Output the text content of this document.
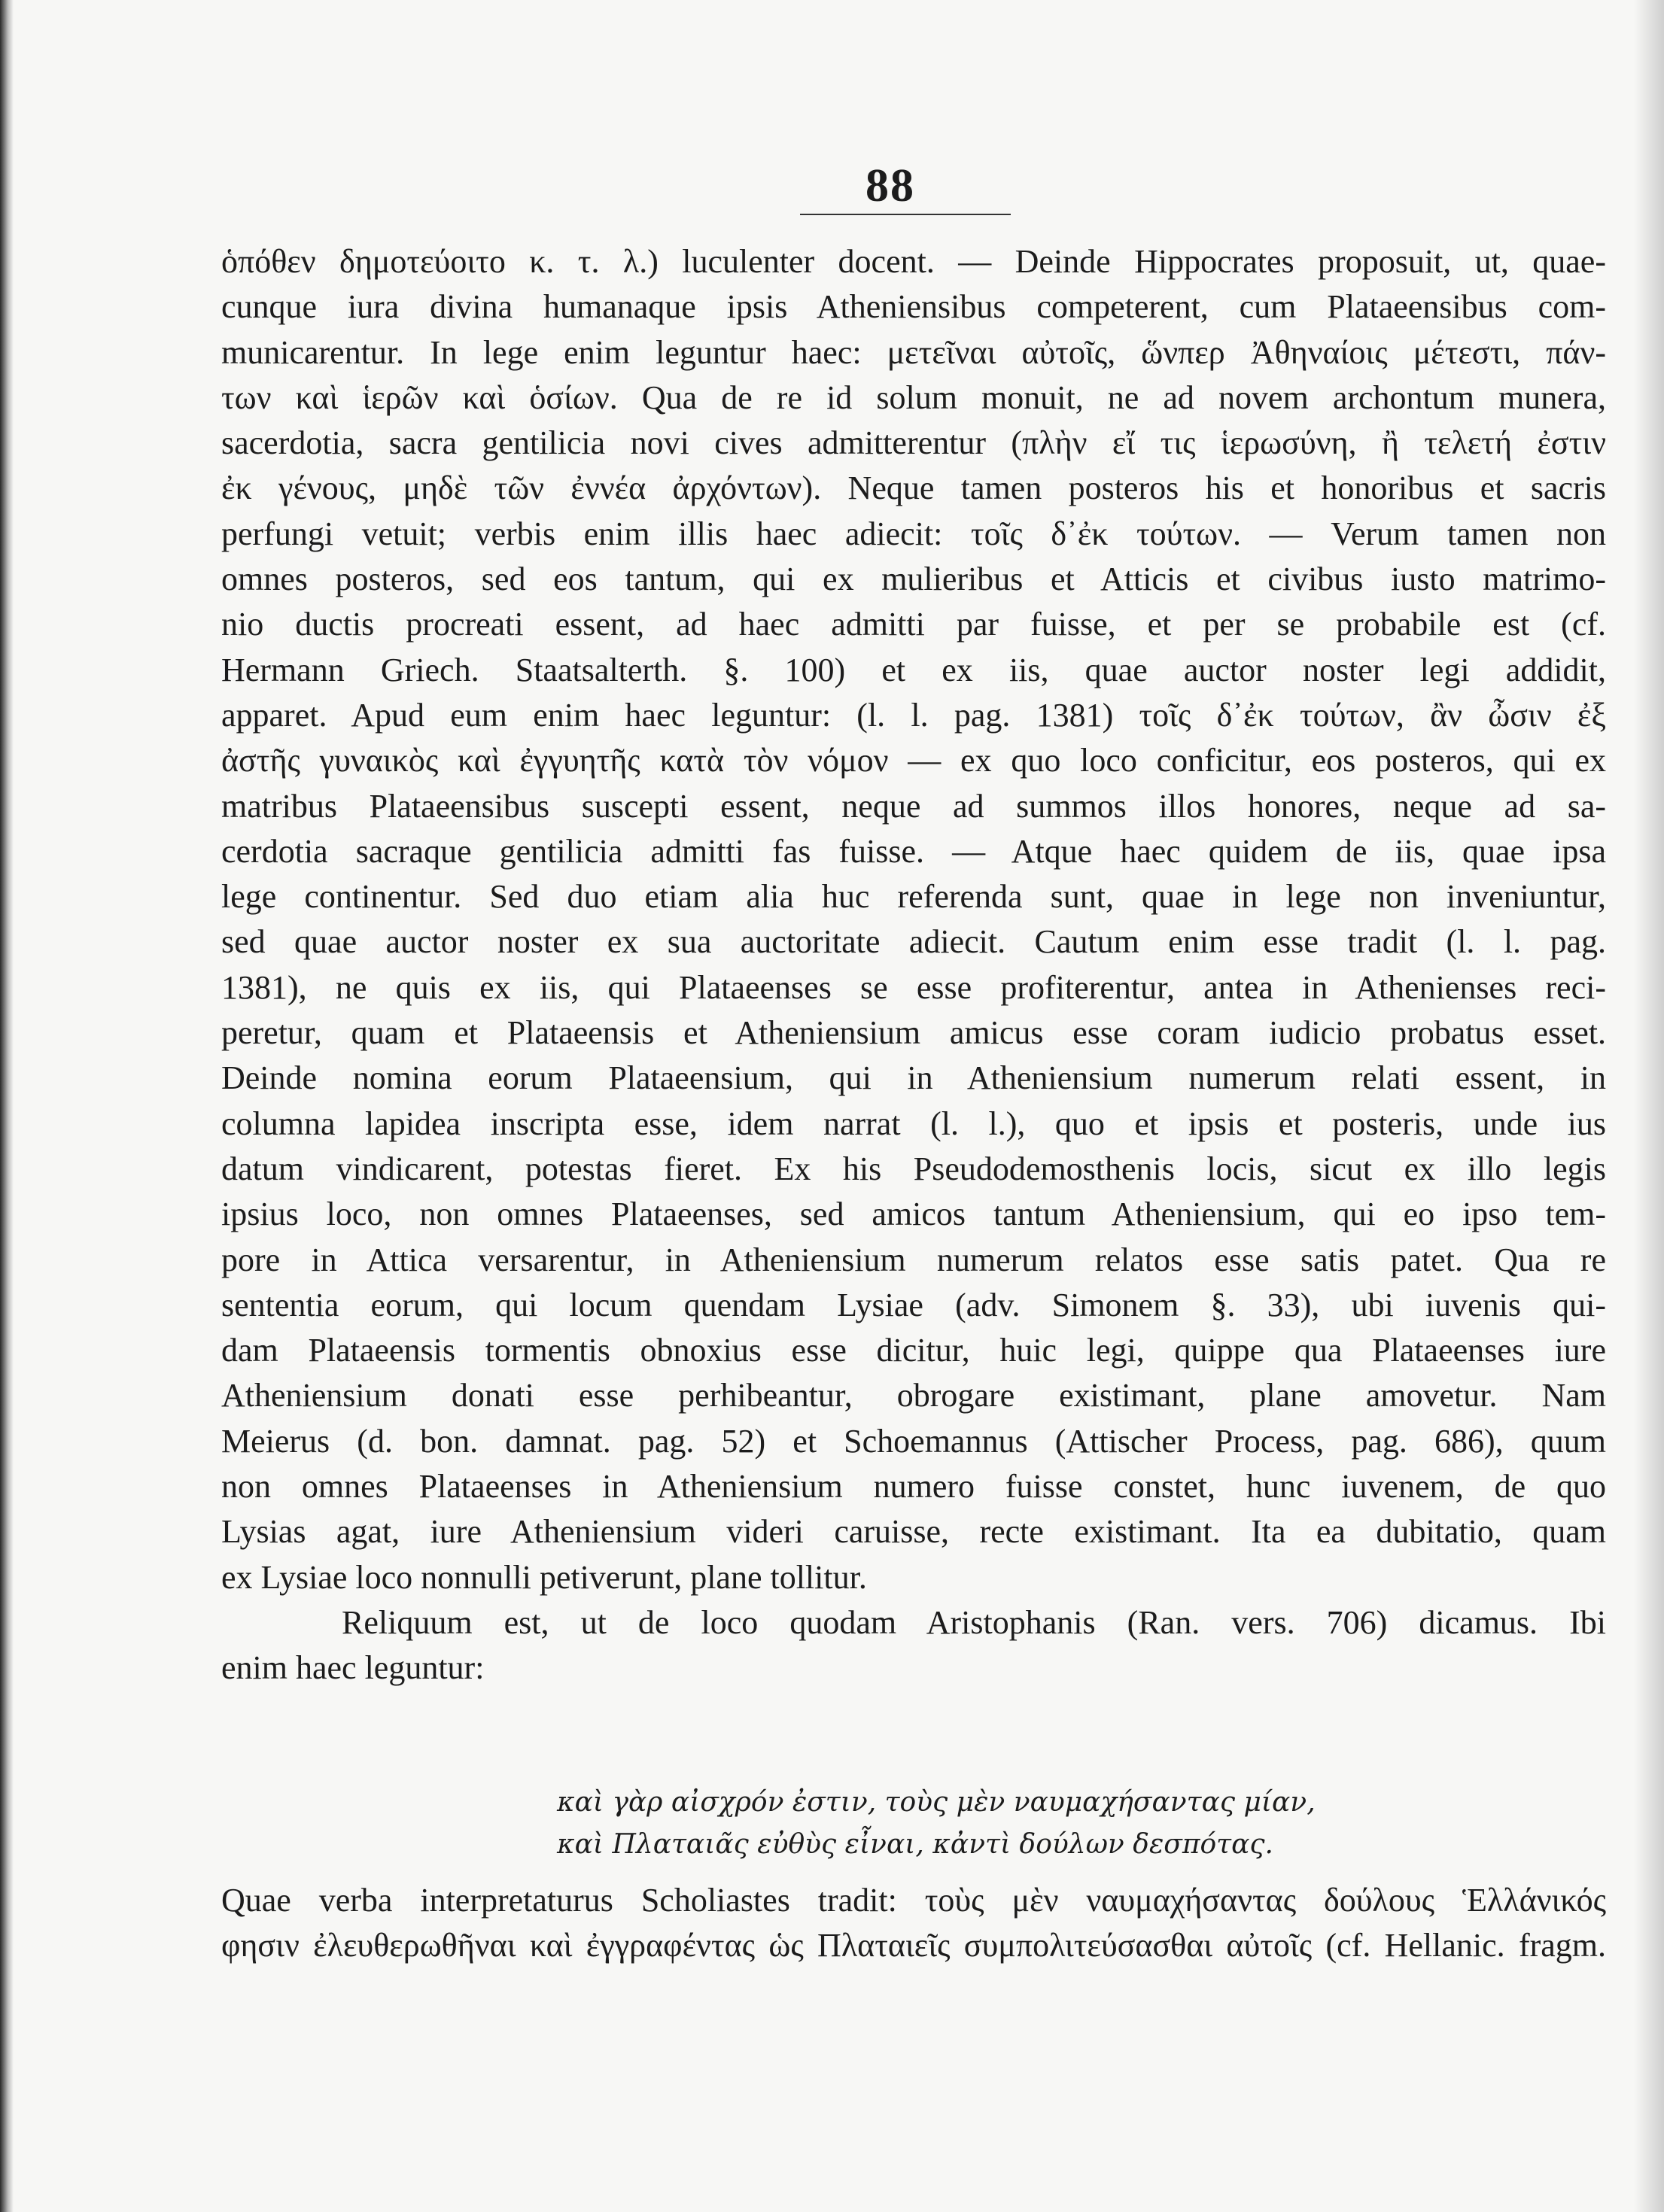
88
ὁπόθεν δημοτεύοιτο κ. τ. λ.) luculenter docent. — Deinde Hippocrates proposuit, ut, quae-
cunque iura divina humanaque ipsis Atheniensibus competerent, cum Plataeensibus com-
municarentur. In lege enim leguntur haec: μετεῖναι αὐτοῖς, ὥνπερ Ἀθηναίοις μέτεστι, πάν-
των καὶ ἱερῶν καὶ ὁσίων. Qua de re id solum monuit, ne ad novem archontum munera,
sacerdotia, sacra gentilicia novi cives admitterentur (πλὴν εἴ τις ἱερωσύνη, ἢ τελετή ἐστιν
ἐκ γένους, μηδὲ τῶν ἐννέα ἀρχόντων). Neque tamen posteros his et honoribus et sacris
perfungi vetuit; verbis enim illis haec adiecit: τοῖς δ᾽ἐκ τούτων. — Verum tamen non
omnes posteros, sed eos tantum, qui ex mulieribus et Atticis et civibus iusto matrimo-
nio ductis procreati essent, ad haec admitti par fuisse, et per se probabile est (cf.
Hermann Griech. Staatsalterth. §. 100) et ex iis, quae auctor noster legi addidit,
apparet. Apud eum enim haec leguntur: (l. l. pag. 1381) τοῖς δ᾽ἐκ τούτων, ἂν ὦσιν ἐξ
ἀστῆς γυναικὸς καὶ ἐγγυητῆς κατὰ τὸν νόμον — ex quo loco conficitur, eos posteros, qui ex
matribus Plataeensibus suscepti essent, neque ad summos illos honores, neque ad sa-
cerdotia sacraque gentilicia admitti fas fuisse. — Atque haec quidem de iis, quae ipsa
lege continentur. Sed duo etiam alia huc referenda sunt, quae in lege non inveniuntur,
sed quae auctor noster ex sua auctoritate adiecit. Cautum enim esse tradit (l. l. pag.
1381), ne quis ex iis, qui Plataeenses se esse profiterentur, antea in Athenienses reci-
peretur, quam et Plataeensis et Atheniensium amicus esse coram iudicio probatus esset.
Deinde nomina eorum Plataeensium, qui in Atheniensium numerum relati essent, in
columna lapidea inscripta esse, idem narrat (l. l.), quo et ipsis et posteris, unde ius
datum vindicarent, potestas fieret. Ex his Pseudodemosthenis locis, sicut ex illo legis
ipsius loco, non omnes Plataeenses, sed amicos tantum Atheniensium, qui eo ipso tem-
pore in Attica versarentur, in Atheniensium numerum relatos esse satis patet. Qua re
sententia eorum, qui locum quendam Lysiae (adv. Simonem §. 33), ubi iuvenis qui-
dam Plataeensis tormentis obnoxius esse dicitur, huic legi, quippe qua Plataeenses iure
Atheniensium donati esse perhibeantur, obrogare existimant, plane amovetur. Nam
Meierus (d. bon. damnat. pag. 52) et Schoemannus (Attischer Process, pag. 686), quum
non omnes Plataeenses in Atheniensium numero fuisse constet, hunc iuvenem, de quo
Lysias agat, iure Atheniensium videri caruisse, recte existimant. Ita ea dubitatio, quam
ex Lysiae loco nonnulli petiverunt, plane tollitur.
Reliquum est, ut de loco quodam Aristophanis (Ran. vers. 706) dicamus. Ibi
enim haec leguntur:
καὶ γὰρ αἰσχρόν ἐστιν, τοὺς μὲν ναυμαχήσαντας μίαν,
καὶ Πλαταιᾶς εὐθὺς εἶναι, κἀντὶ δούλων δεσπότας.
Quae verba interpretaturus Scholiastes tradit: τοὺς μὲν ναυμαχήσαντας δούλους Ἑλλάνικός
φησιν ἐλευθερωθῆναι καὶ ἐγγραφέντας ὡς Πλαταιεῖς συμπολιτεύσασθαι αὐτοῖς (cf. Hellanic. fragm.
